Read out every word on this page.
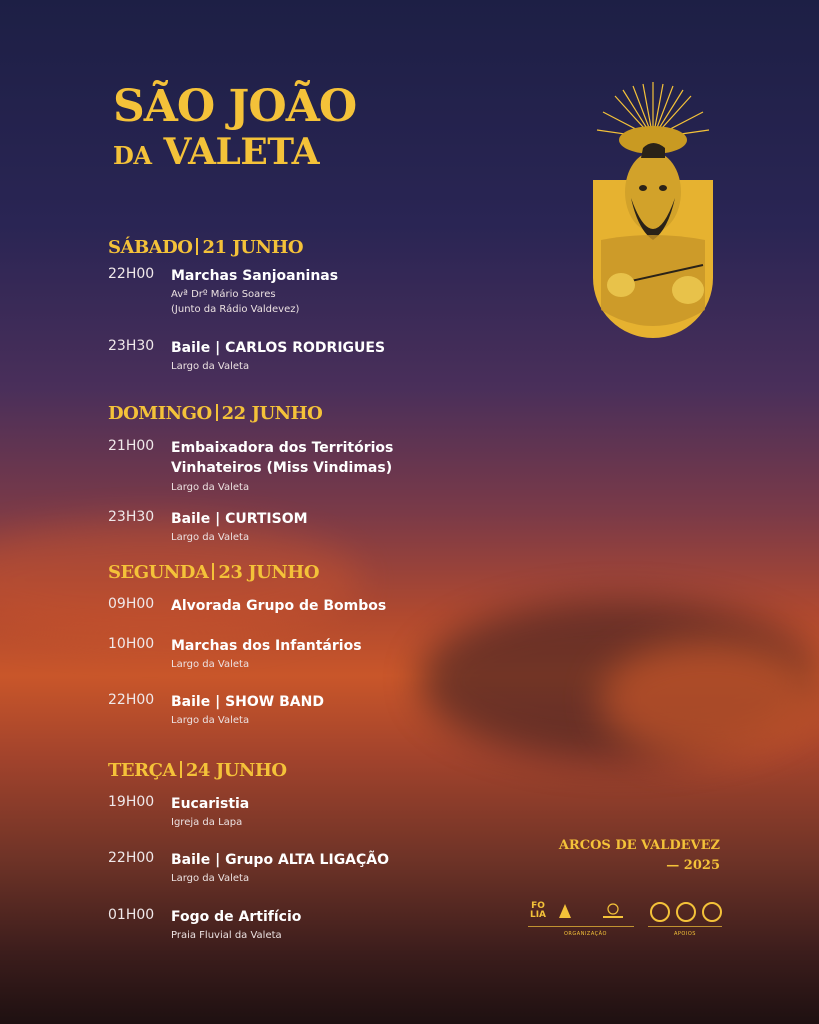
SÃO JOÃO
DA VALETA
SÁBADO 21 JUNHO
22H00	Marchas Sanjoaninas
Avª Drº Mário Soares
(Junto da Rádio Valdevez)
23H30	Baile | CARLOS RODRIGUES
Largo da Valeta
DOMINGO 22 JUNHO
21H00	Embaixadora dos Territórios Vinhateiros (Miss Vindimas)
Largo da Valeta
23H30	Baile | CURTISOM
Largo da Valeta
SEGUNDA 23 JUNHO
09H00	Alvorada Grupo de Bombos
10H00	Marchas dos Infantários
Largo da Valeta
22H00	Baile | SHOW BAND
Largo da Valeta
TERÇA 24 JUNHO
19H00	Eucaristia
Igreja da Lapa
22H00	Baile | Grupo ALTA LIGAÇÃO
Largo da Valeta
01H00	Fogo de Artifício
Praia Fluvial da Valeta
ARCOS DE VALDEVEZ
— 2025
FO LIA
ORGANIZAÇÃO	APOIOS
